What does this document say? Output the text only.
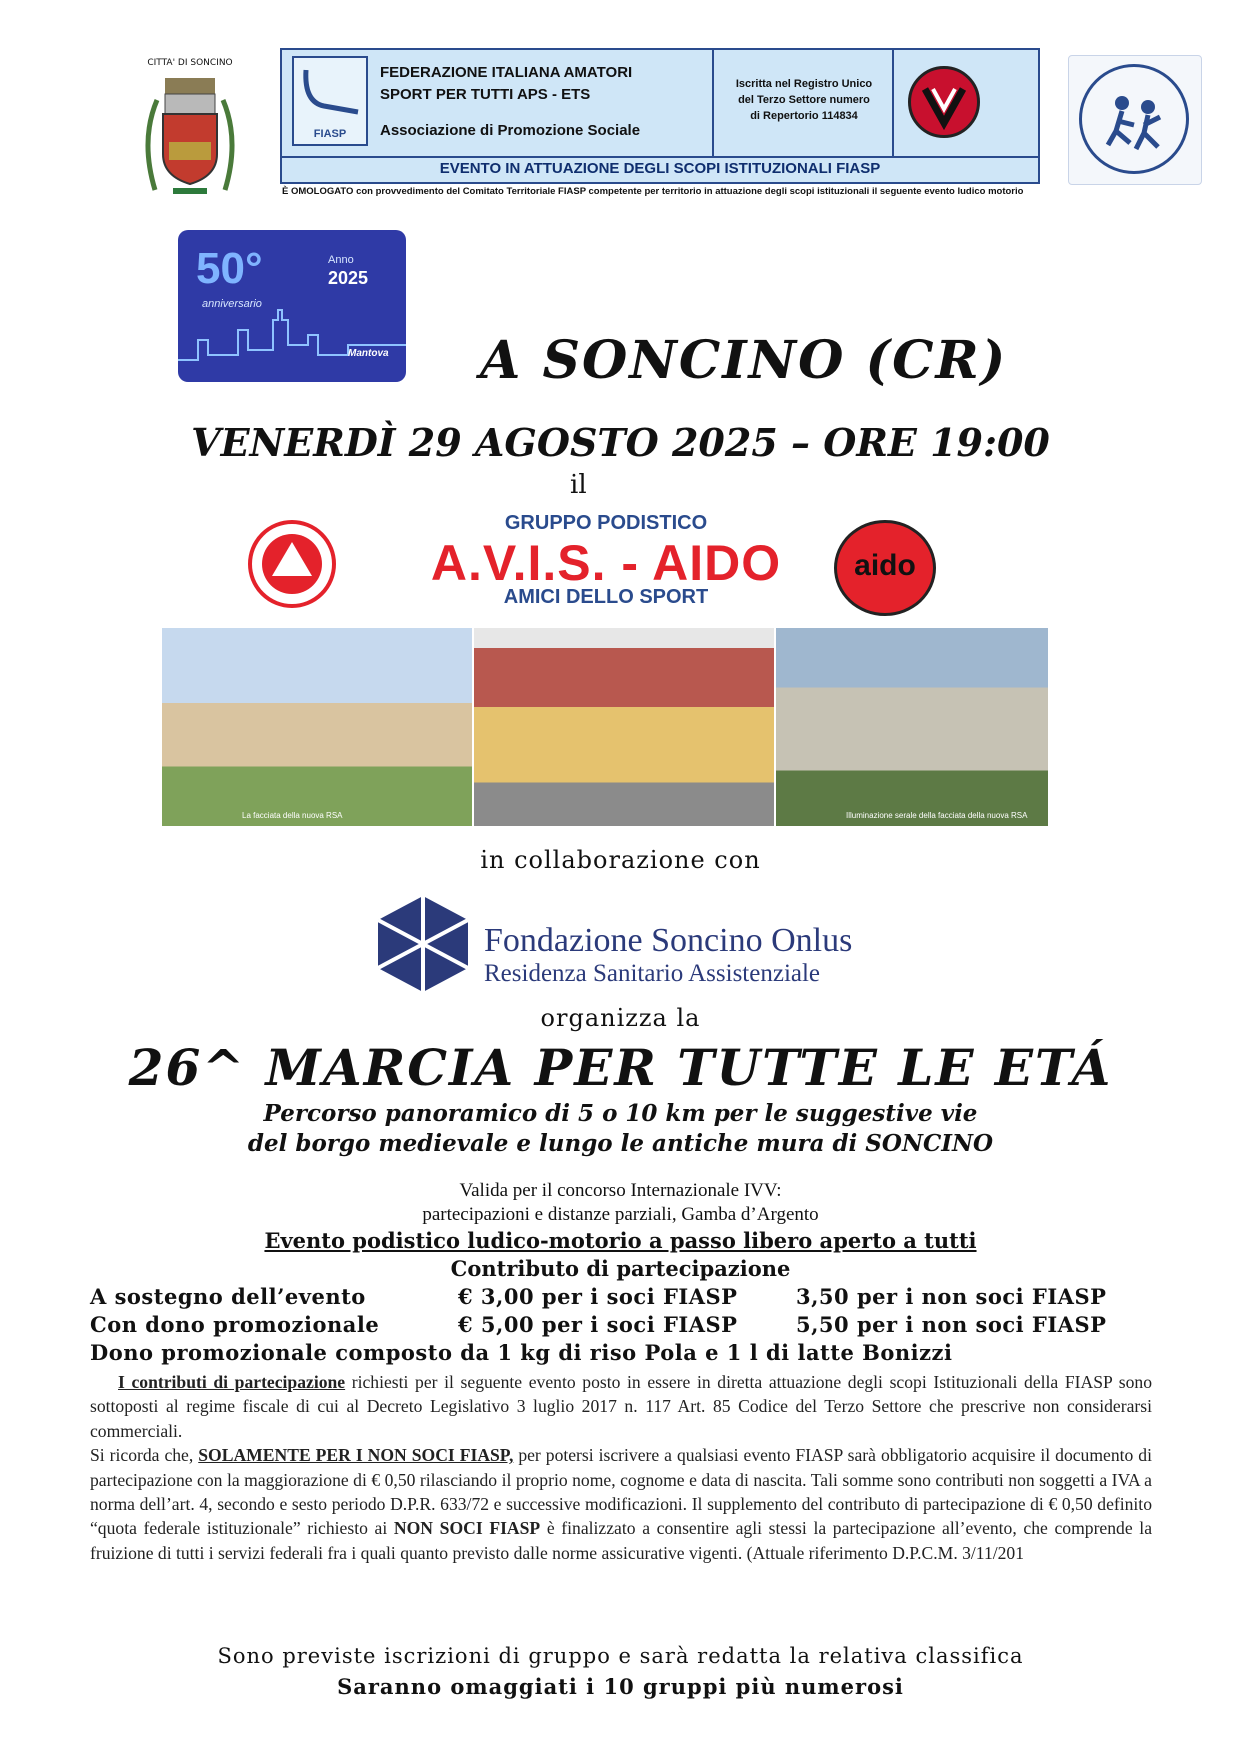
CITTA' DI SONCINO
FIASP
FEDERAZIONE ITALIANA AMATORI
SPORT PER TUTTI APS - ETS
Associazione di Promozione Sociale
Iscritta nel Registro Unico
del Terzo Settore numero
di Repertorio 114834
EVENTO IN ATTUAZIONE DEGLI SCOPI ISTITUZIONALI FIASP
È OMOLOGATO con provvedimento del Comitato Territoriale FIASP competente per territorio in attuazione degli scopi istituzionali il seguente evento ludico motorio
50°
anniversario
Anno
2025
Mantova A SONCINO (CR)
VENERDÌ 29 AGOSTO 2025 – ORE 19:00
il
GRUPPO PODISTICO
A.V.I.S. - AIDO
AMICI DELLO SPORT
aido
La facciata della nuova RSA	Illuminazione serale della facciata della nuova RSA
in collaborazione con
Fondazione Soncino Onlus
Residenza Sanitario Assistenziale
organizza la
26^ MARCIA PER TUTTE LE ETÁ
Percorso panoramico di 5 o 10 km per le suggestive vie
del borgo medievale e lungo le antiche mura di SONCINO
Valida per il concorso Internazionale IVV:
partecipazioni e distanze parziali, Gamba d’Argento
Evento podistico ludico-motorio a passo libero aperto a tutti
Contributo di partecipazione
A sostegno dell’evento	€ 3,00 per i soci FIASP	3,50 per i non soci FIASP
Con dono promozionale	€ 5,00 per i soci FIASP	5,50 per i non soci FIASP
Dono promozionale composto da 1 kg di riso Pola e 1 l di latte Bonizzi

I contributi di partecipazione richiesti per il seguente evento posto in essere in diretta attuazione degli scopi Istituzionali della FIASP sono sottoposti al regime fiscale di cui al Decreto Legislativo 3 luglio 2017 n. 117 Art. 85 Codice del Terzo Settore che prescrive non considerarsi commerciali.

Si ricorda che, SOLAMENTE PER I NON SOCI FIASP, per potersi iscrivere a qualsiasi evento FIASP sarà obbligatorio acquisire il documento di partecipazione con la maggiorazione di € 0,50 rilasciando il proprio nome, cognome e data di nascita. Tali somme sono contributi non soggetti a IVA a norma dell’art. 4, secondo e sesto periodo D.P.R. 633/72 e successive modificazioni. Il supplemento del contributo di partecipazione di € 0,50 definito “quota federale istituzionale” richiesto ai NON SOCI FIASP è finalizzato a consentire agli stessi la partecipazione all’evento, che comprende la fruizione di tutti i servizi federali fra i quali quanto previsto dalle norme assicurative vigenti. (Attuale riferimento D.P.C.M. 3/11/201

Sono previste iscrizioni di gruppo e sarà redatta la relativa classifica
Saranno omaggiati i 10 gruppi più numerosi
